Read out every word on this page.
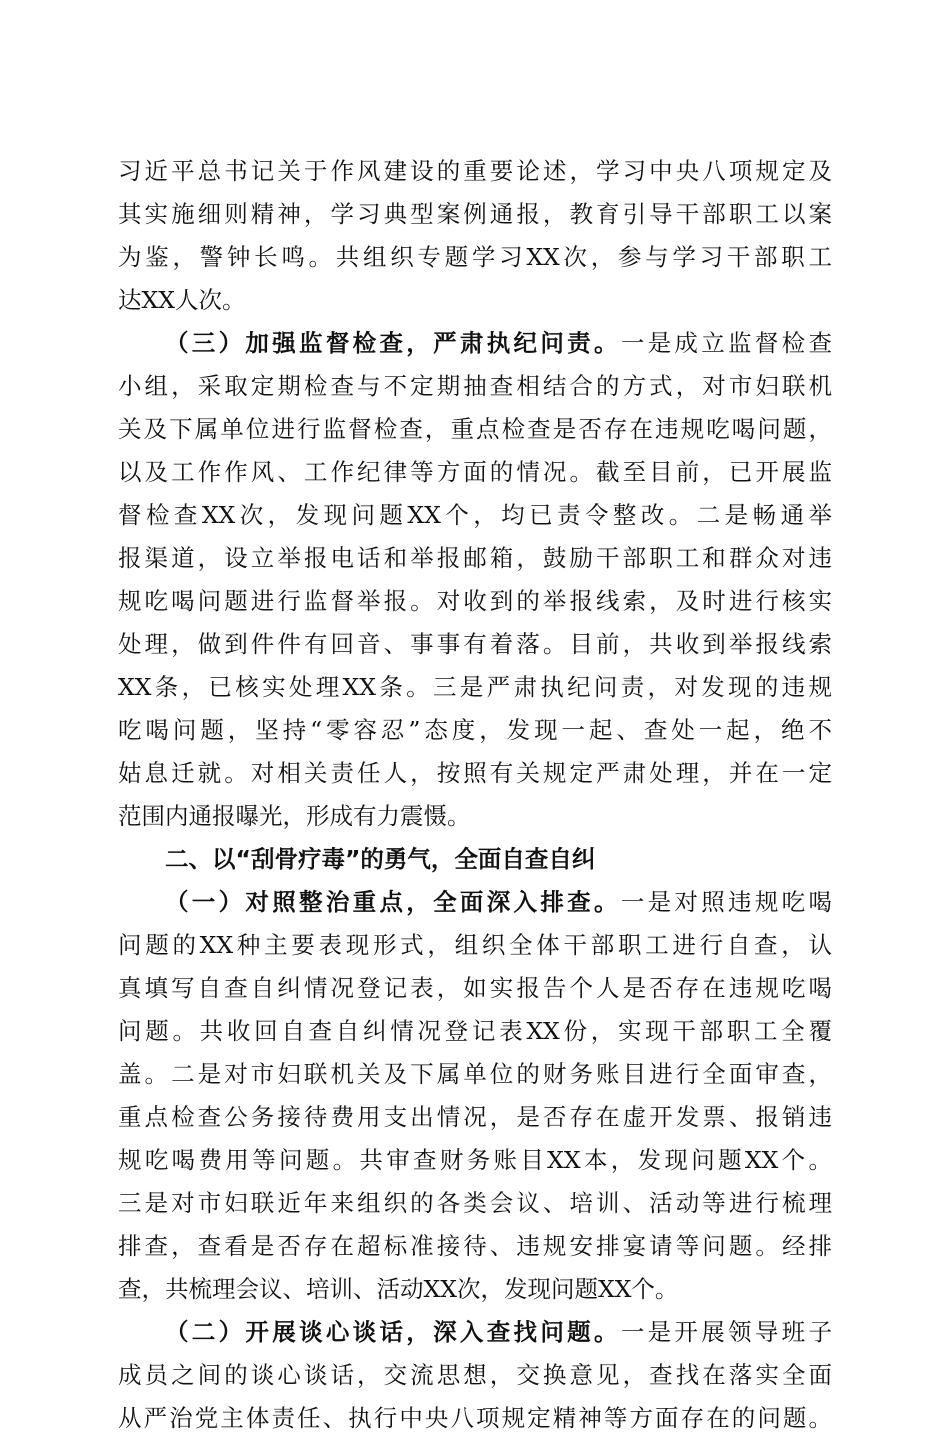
习近平总书记关于作风建设的重要论述，学习中央八项规定及
其实施细则精神，学习典型案例通报，教育引导干部职工以案
为鉴，警钟长鸣。共组织专题学习XX次，参与学习干部职工
达XX人次。
（三）加强监督检查，严肃执纪问责。一是成立监督检查
小组，采取定期检查与不定期抽查相结合的方式，对市妇联机
关及下属单位进行监督检查，重点检查是否存在违规吃喝问题，
以及工作作风、工作纪律等方面的情况。截至目前，已开展监
督检查XX次，发现问题XX个，均已责令整改。二是畅通举
报渠道，设立举报电话和举报邮箱，鼓励干部职工和群众对违
规吃喝问题进行监督举报。对收到的举报线索，及时进行核实
处理，做到件件有回音、事事有着落。目前，共收到举报线索
XX条，已核实处理XX条。三是严肃执纪问责，对发现的违规
吃喝问题，坚持“零容忍”态度，发现一起、查处一起，绝不
姑息迁就。对相关责任人，按照有关规定严肃处理，并在一定
范围内通报曝光，形成有力震慑。
二、以“刮骨疗毒”的勇气，全面自查自纠
（一）对照整治重点，全面深入排查。一是对照违规吃喝
问题的XX种主要表现形式，组织全体干部职工进行自查，认
真填写自查自纠情况登记表，如实报告个人是否存在违规吃喝
问题。共收回自查自纠情况登记表XX份，实现干部职工全覆
盖。二是对市妇联机关及下属单位的财务账目进行全面审查，
重点检查公务接待费用支出情况，是否存在虚开发票、报销违
规吃喝费用等问题。共审查财务账目XX本，发现问题XX个。
三是对市妇联近年来组织的各类会议、培训、活动等进行梳理
排查，查看是否存在超标准接待、违规安排宴请等问题。经排
查，共梳理会议、培训、活动XX次，发现问题XX个。
（二）开展谈心谈话，深入查找问题。一是开展领导班子
成员之间的谈心谈话，交流思想，交换意见，查找在落实全面
从严治党主体责任、执行中央八项规定精神等方面存在的问题。
